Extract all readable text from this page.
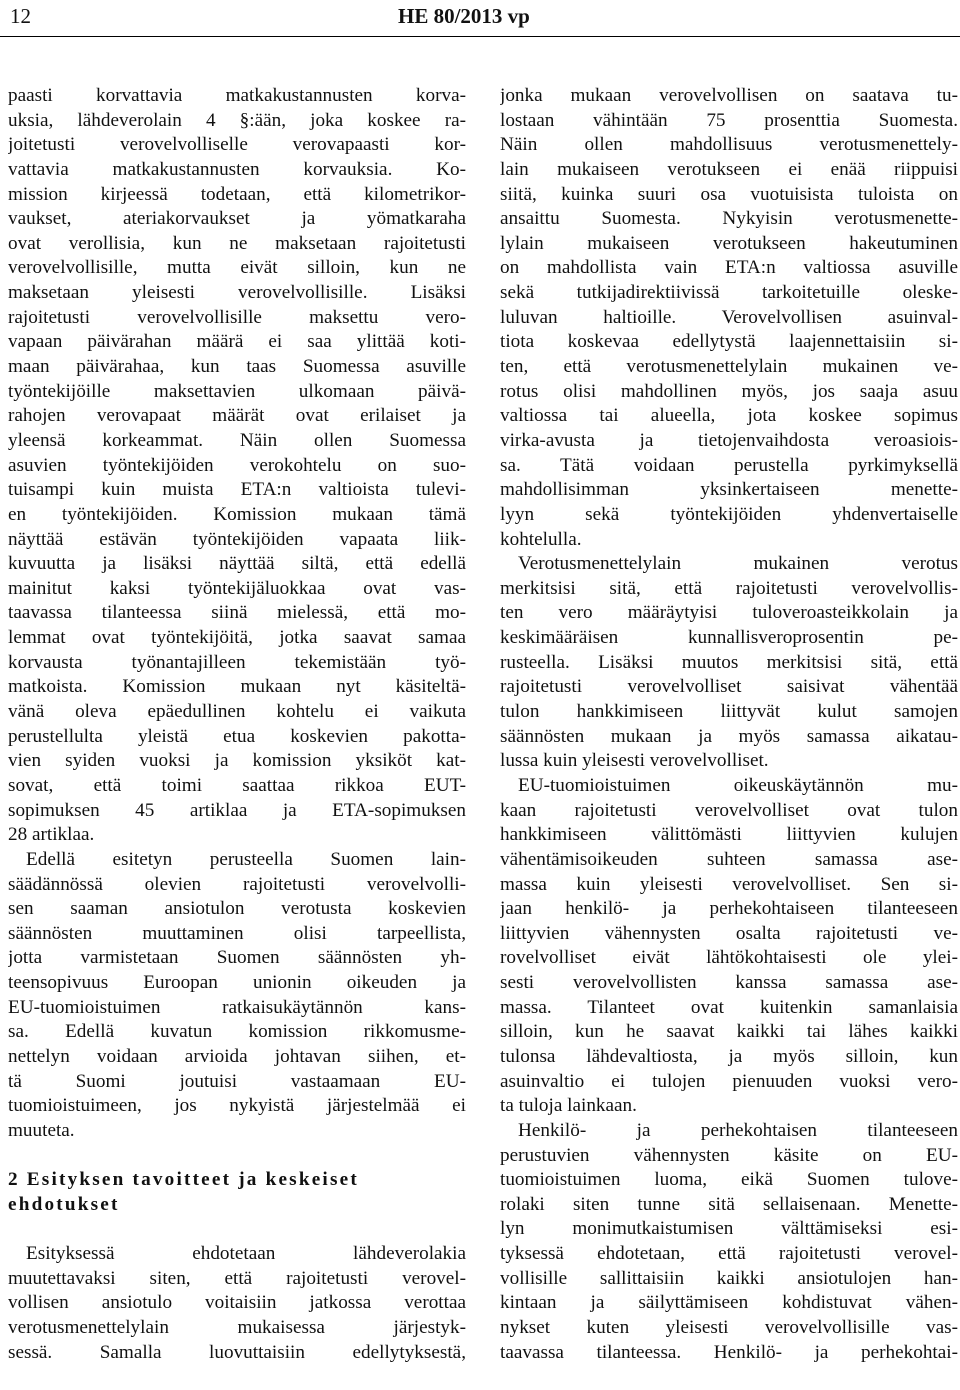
12	HE 80/2013 vp
paasti korvattavia matkakustannusten korva-
uksia, lähdeverolain 4 §:ään, joka koskee ra-
joitetusti verovelvolliselle verovapaasti kor-
vattavia matkakustannusten korvauksia. Ko-
mission kirjeessä todetaan, että kilometrikor-
vaukset, ateriakorvaukset ja yömatkaraha
ovat verollisia, kun ne maksetaan rajoitetusti
verovelvollisille, mutta eivät silloin, kun ne
maksetaan yleisesti verovelvollisille. Lisäksi
rajoitetusti verovelvollisille maksettu vero-
vapaan päivärahan määrä ei saa ylittää koti-
maan päivärahaa, kun taas Suomessa asuville
työntekijöille maksettavien ulkomaan päivä-
rahojen verovapaat määrät ovat erilaiset ja
yleensä korkeammat. Näin ollen Suomessa
asuvien työntekijöiden verokohtelu on suo-
tuisampi kuin muista ETA:n valtioista tulevi-
en työntekijöiden. Komission mukaan tämä
näyttää estävän työntekijöiden vapaata liik-
kuvuutta ja lisäksi näyttää siltä, että edellä
mainitut kaksi työntekijäluokkaa ovat vas-
taavassa tilanteessa siinä mielessä, että mo-
lemmat ovat työntekijöitä, jotka saavat samaa
korvausta työnantajilleen tekemistään työ-
matkoista. Komission mukaan nyt käsiteltä-
vänä oleva epäedullinen kohtelu ei vaikuta
perustellulta yleistä etua koskevien pakotta-
vien syiden vuoksi ja komission yksiköt kat-
sovat, että toimi saattaa rikkoa EUT-
sopimuksen 45 artiklaa ja ETA-sopimuksen
28 artiklaa.
Edellä esitetyn perusteella Suomen lain-
säädännössä olevien rajoitetusti verovelvolli-
sen saaman ansiotulon verotusta koskevien
säännösten muuttaminen olisi tarpeellista,
jotta varmistetaan Suomen säännösten yh-
teensopivuus Euroopan unionin oikeuden ja
EU-tuomioistuimen ratkaisukäytännön kans-
sa. Edellä kuvatun komission rikkomusme-
nettelyn voidaan arvioida johtavan siihen, et-
tä Suomi joutuisi vastaamaan EU-
tuomioistuimeen, jos nykyistä järjestelmää ei
muuteta.
2 Esityksen tavoitteet ja keskeiset
ehdotukset
Esityksessä ehdotetaan lähdeverolakia
muutettavaksi siten, että rajoitetusti verovel-
vollisen ansiotulo voitaisiin jatkossa verottaa
verotusmenettelylain mukaisessa järjestyk-
sessä. Samalla luovuttaisiin edellytyksestä,
jonka mukaan verovelvollisen on saatava tu-
lostaan vähintään 75 prosenttia Suomesta.
Näin ollen mahdollisuus verotusmenettely-
lain mukaiseen verotukseen ei enää riippuisi
siitä, kuinka suuri osa vuotuisista tuloista on
ansaittu Suomesta. Nykyisin verotusmenette-
lylain mukaiseen verotukseen hakeutuminen
on mahdollista vain ETA:n valtiossa asuville
sekä tutkijadirektiivissä tarkoitetuille oleske-
luluvan haltioille. Verovelvollisen asuinval-
tiota koskevaa edellytystä laajennettaisiin si-
ten, että verotusmenettelylain mukainen ve-
rotus olisi mahdollinen myös, jos saaja asuu
valtiossa tai alueella, jota koskee sopimus
virka-avusta ja tietojenvaihdosta veroasiois-
sa. Tätä voidaan perustella pyrkimyksellä
mahdollisimman yksinkertaiseen menette-
lyyn sekä työntekijöiden yhdenvertaiselle
kohtelulla.
Verotusmenettelylain mukainen verotus
merkitsisi sitä, että rajoitetusti verovelvollis-
ten vero määräytyisi tuloveroasteikkolain ja
keskimääräisen kunnallisveroprosentin pe-
rusteella. Lisäksi muutos merkitsisi sitä, että
rajoitetusti verovelvolliset saisivat vähentää
tulon hankkimiseen liittyvät kulut samojen
säännösten mukaan ja myös samassa aikatau-
lussa kuin yleisesti verovelvolliset.
EU-tuomioistuimen oikeuskäytännön mu-
kaan rajoitetusti verovelvolliset ovat tulon
hankkimiseen välittömästi liittyvien kulujen
vähentämisoikeuden suhteen samassa ase-
massa kuin yleisesti verovelvolliset. Sen si-
jaan henkilö- ja perhekohtaiseen tilanteeseen
liittyvien vähennysten osalta rajoitetusti ve-
rovelvolliset eivät lähtökohtaisesti ole ylei-
sesti verovelvollisten kanssa samassa ase-
massa. Tilanteet ovat kuitenkin samanlaisia
silloin, kun he saavat kaikki tai lähes kaikki
tulonsa lähdevaltiosta, ja myös silloin, kun
asuinvaltio ei tulojen pienuuden vuoksi vero-
ta tuloja lainkaan.
Henkilö- ja perhekohtaisen tilanteeseen
perustuvien vähennysten käsite on EU-
tuomioistuimen luoma, eikä Suomen tulove-
rolaki siten tunne sitä sellaisenaan. Menette-
lyn monimutkaistumisen välttämiseksi esi-
tyksessä ehdotetaan, että rajoitetusti verovel-
vollisille sallittaisiin kaikki ansiotulojen han-
kintaan ja säilyttämiseen kohdistuvat vähen-
nykset kuten yleisesti verovelvollisille vas-
taavassa tilanteessa. Henkilö- ja perhekohtai-
